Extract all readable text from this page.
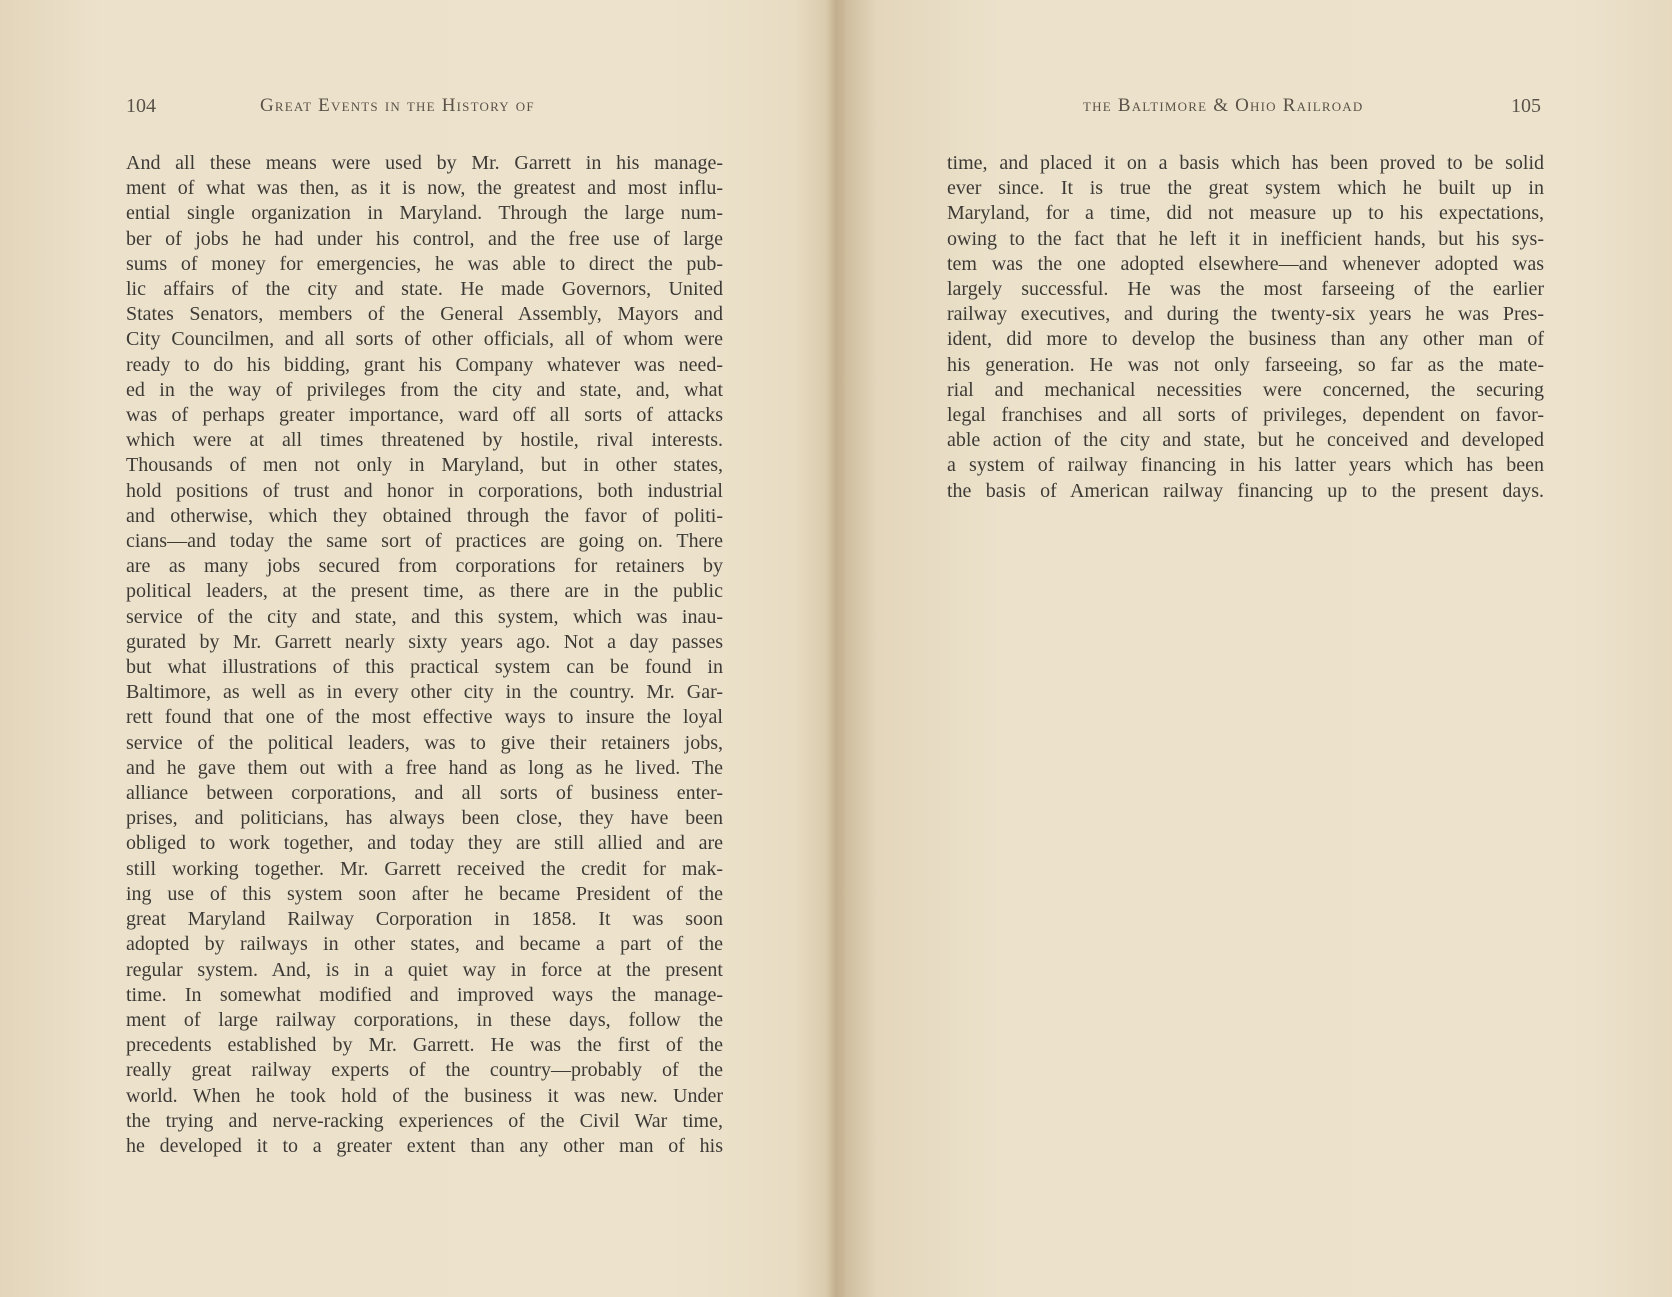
104	Great Events in the History of
And all these means were used by Mr. Garrett in his manage-
ment of what was then, as it is now, the greatest and most influ-
ential single organization in Maryland. Through the large num-
ber of jobs he had under his control, and the free use of large
sums of money for emergencies, he was able to direct the pub-
lic affairs of the city and state. He made Governors, United
States Senators, members of the General Assembly, Mayors and
City Councilmen, and all sorts of other officials, all of whom were
ready to do his bidding, grant his Company whatever was need-
ed in the way of privileges from the city and state, and, what
was of perhaps greater importance, ward off all sorts of attacks
which were at all times threatened by hostile, rival interests.
Thousands of men not only in Maryland, but in other states,
hold positions of trust and honor in corporations, both industrial
and otherwise, which they obtained through the favor of politi-
cians—and today the same sort of practices are going on. There
are as many jobs secured from corporations for retainers by
political leaders, at the present time, as there are in the public
service of the city and state, and this system, which was inau-
gurated by Mr. Garrett nearly sixty years ago. Not a day passes
but what illustrations of this practical system can be found in
Baltimore, as well as in every other city in the country. Mr. Gar-
rett found that one of the most effective ways to insure the loyal
service of the political leaders, was to give their retainers jobs,
and he gave them out with a free hand as long as he lived. The
alliance between corporations, and all sorts of business enter-
prises, and politicians, has always been close, they have been
obliged to work together, and today they are still allied and are
still working together. Mr. Garrett received the credit for mak-
ing use of this system soon after he became President of the
great Maryland Railway Corporation in 1858. It was soon
adopted by railways in other states, and became a part of the
regular system. And, is in a quiet way in force at the present
time. In somewhat modified and improved ways the manage-
ment of large railway corporations, in these days, follow the
precedents established by Mr. Garrett. He was the first of the
really great railway experts of the country—probably of the
world. When he took hold of the business it was new. Under
the trying and nerve-racking experiences of the Civil War time,
he developed it to a greater extent than any other man of his
the Baltimore & Ohio Railroad	105
time, and placed it on a basis which has been proved to be solid
ever since. It is true the great system which he built up in
Maryland, for a time, did not measure up to his expectations,
owing to the fact that he left it in inefficient hands, but his sys-
tem was the one adopted elsewhere—and whenever adopted was
largely successful. He was the most farseeing of the earlier
railway executives, and during the twenty-six years he was Pres-
ident, did more to develop the business than any other man of
his generation. He was not only farseeing, so far as the mate-
rial and mechanical necessities were concerned, the securing
legal franchises and all sorts of privileges, dependent on favor-
able action of the city and state, but he conceived and developed
a system of railway financing in his latter years which has been
the basis of American railway financing up to the present days.
